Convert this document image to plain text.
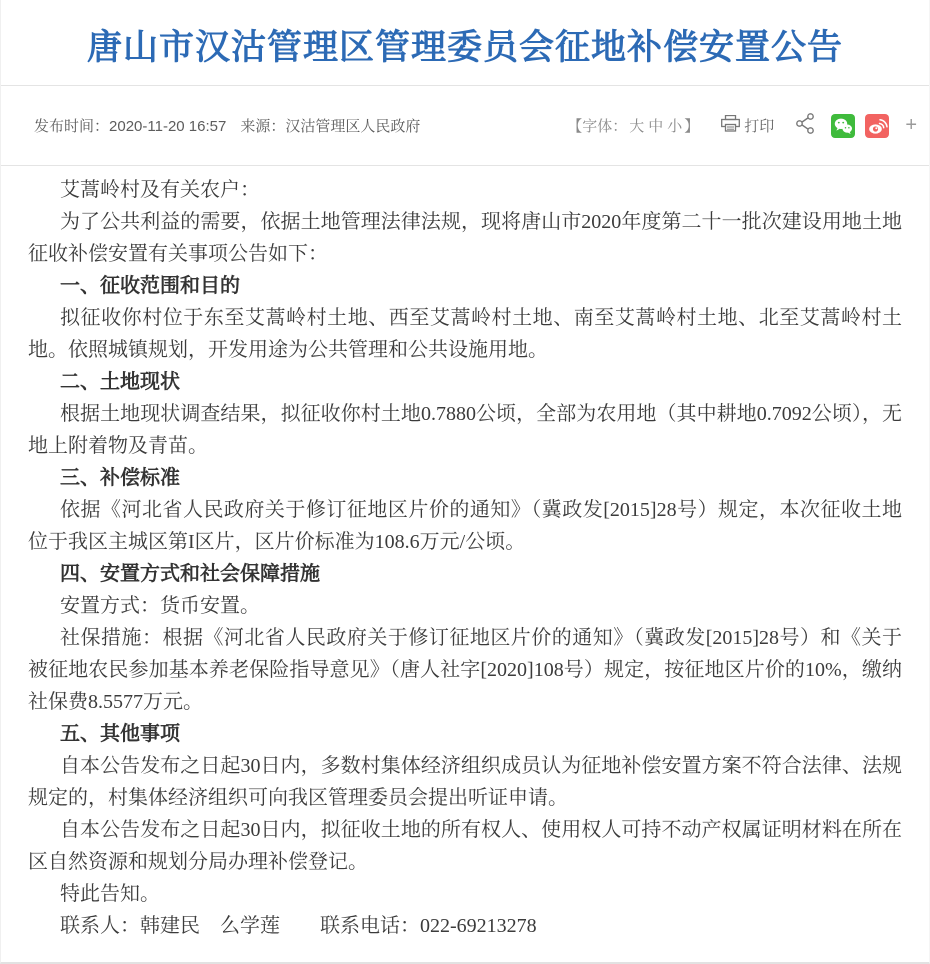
唐山市汉沽管理区管理委员会征地补偿安置公告
发布时间：2020-11-20 16:57 来源：汉沽管理区人民政府	【字体： 大 中 小 】	打印	+

艾蒿岭村及有关农户：

为了公共利益的需要，依据土地管理法律法规，现将唐山市2020年度第二十一批次建设用地土地征收补偿安置有关事项公告如下：

一、征收范围和目的

拟征收你村位于东至艾蒿岭村土地、西至艾蒿岭村土地、南至艾蒿岭村土地、北至艾蒿岭村土地。依照城镇规划，开发用途为公共管理和公共设施用地。

二、土地现状

根据土地现状调查结果，拟征收你村土地0.7880公顷，全部为农用地（其中耕地0.7092公顷），无地上附着物及青苗。

三、补偿标准

依据《河北省人民政府关于修订征地区片价的通知》（冀政发[2015]28号）规定，本次征收土地位于我区主城区第I区片，区片价标准为108.6万元/公顷。

四、安置方式和社会保障措施

安置方式：货币安置。

社保措施：根据《河北省人民政府关于修订征地区片价的通知》（冀政发[2015]28号）和《关于被征地农民参加基本养老保险指导意见》（唐人社字[2020]108号）规定，按征地区片价的10%，缴纳社保费8.5577万元。

五、其他事项

自本公告发布之日起30日内，多数村集体经济组织成员认为征地补偿安置方案不符合法律、法规规定的，村集体经济组织可向我区管理委员会提出听证申请。

自本公告发布之日起30日内，拟征收土地的所有权人、使用权人可持不动产权属证明材料在所在区自然资源和规划分局办理补偿登记。

特此告知。

联系人：韩建民　么学莲　　联系电话：022-69213278
